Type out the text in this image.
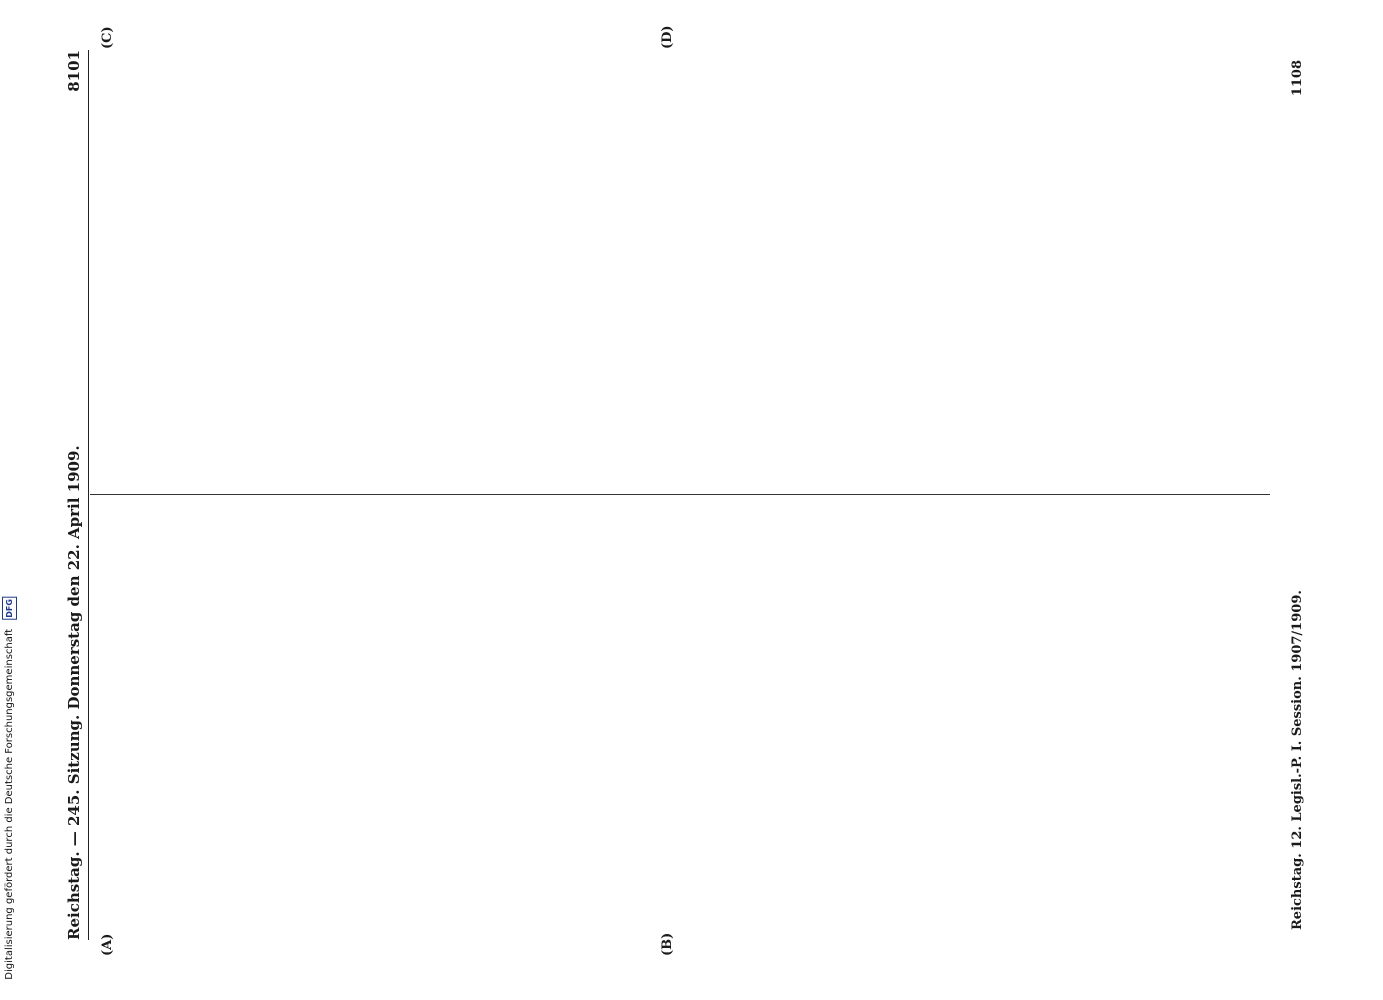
Digitalisierung gefördert durch die Deutsche Forschungsgemeinschaft DFG	Reichstag. — 245. Sitzung. Donnerstag den 22. April 1909.
8101
(A)	(B)
(C)	(D)
Reichstag. 12. Legisl.-P. I. Session. 1907/1909.
1108
